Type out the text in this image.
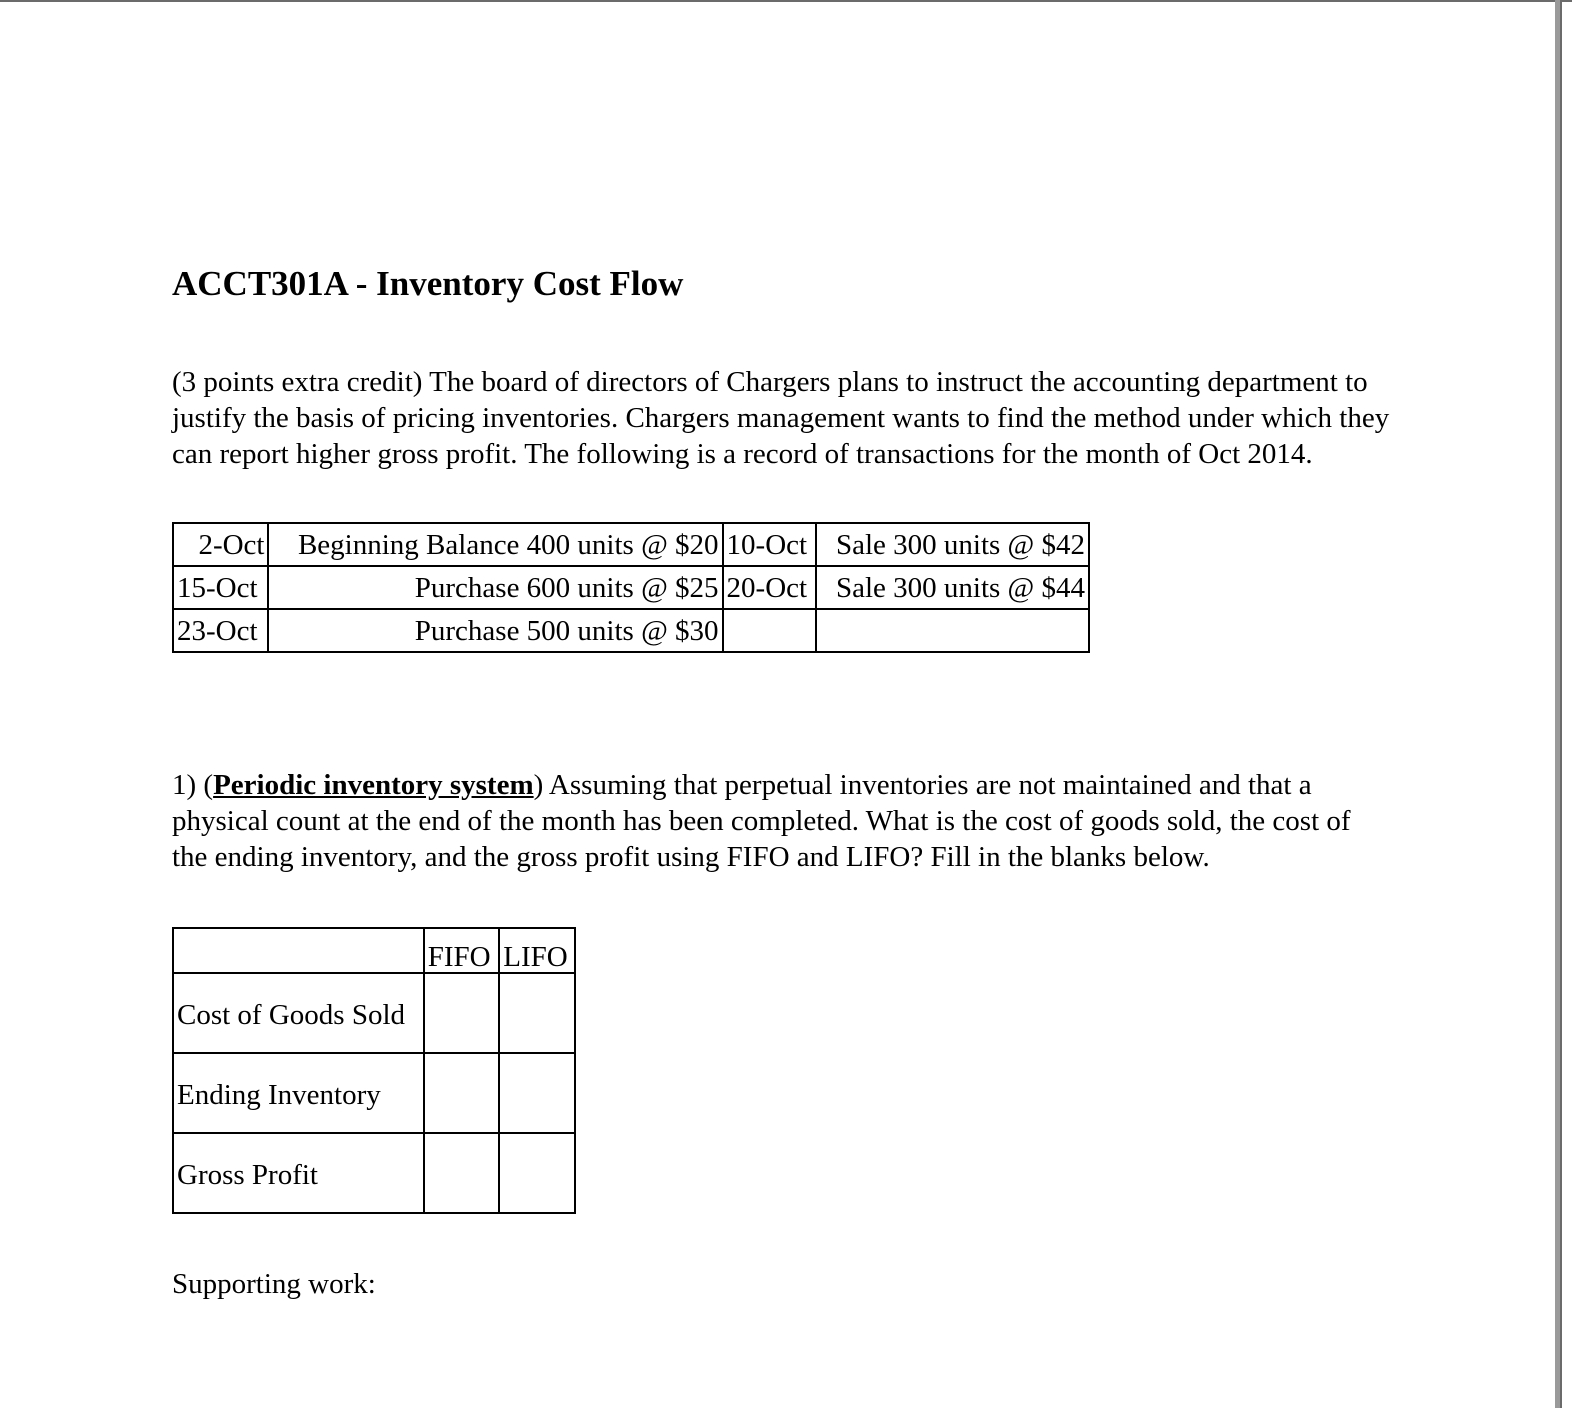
ACCT301A - Inventory Cost Flow

(3 points extra credit) The board of directors of Chargers plans to instruct the accounting department to
justify the basis of pricing inventories. Chargers management wants to find the method under which they
can report higher gross profit. The following is a record of transactions for the month of Oct 2014.

2-Oct	Beginning Balance 400 units @ $20	10-Oct	Sale 300 units @ $42
15-Oct	Purchase 600 units @ $25	20-Oct	Sale 300 units @ $44
23-Oct	Purchase 500 units @ $30		

1) (Periodic inventory system) Assuming that perpetual inventories are not maintained and that a
physical count at the end of the month has been completed. What is the cost of goods sold, the cost of
the ending inventory, and the gross profit using FIFO and LIFO? Fill in the blanks below.

	FIFO	LIFO
Cost of Goods Sold		
Ending Inventory		
Gross Profit		

Supporting work:
